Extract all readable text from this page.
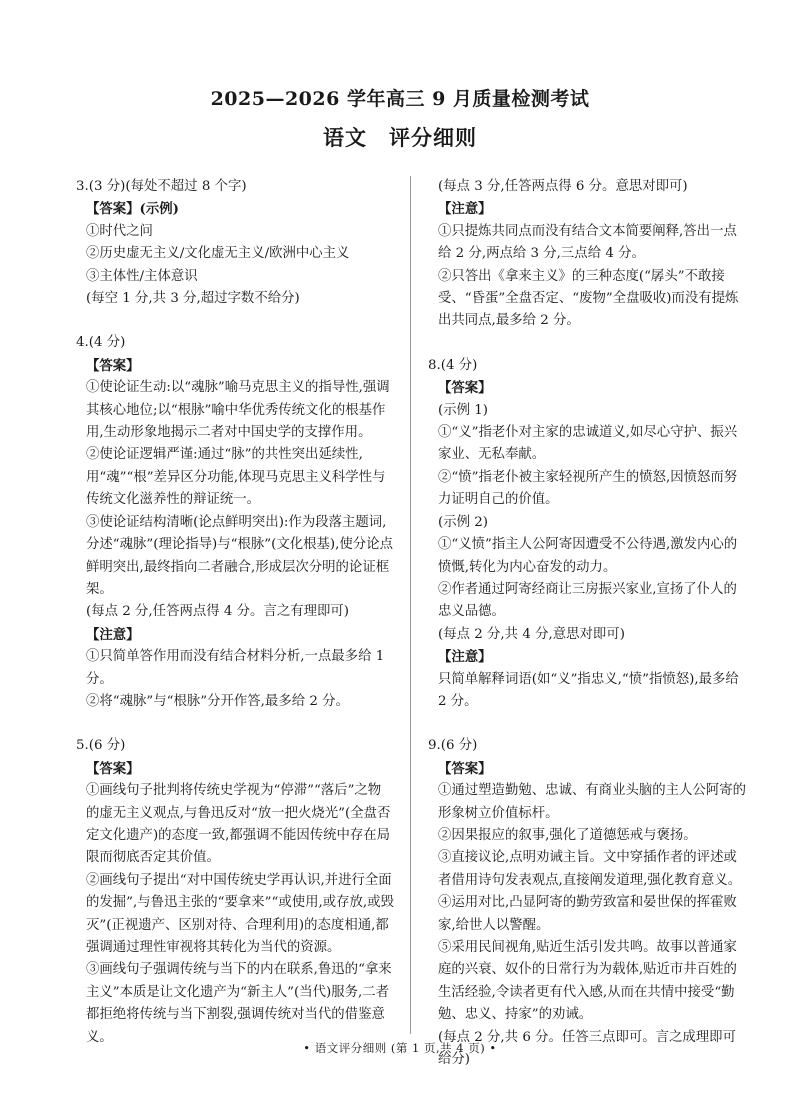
2025—2026 学年高三 9 月质量检测考试
语文 评分细则
3.(3 分)(每处不超过 8 个字)
【答案】(示例)
①时代之问
②历史虚无主义/文化虚无主义/欧洲中心主义
③主体性/主体意识
(每空 1 分,共 3 分,超过字数不给分)
4.(4 分)
【答案】
①使论证生动:以“魂脉”喻马克思主义的指导性,强调其核心地位;以“根脉”喻中华优秀传统文化的根基作用,生动形象地揭示二者对中国史学的支撑作用。
②使论证逻辑严谨:通过“脉”的共性突出延续性,用“魂”“根”差异区分功能,体现马克思主义科学性与传统文化滋养性的辩证统一。
③使论证结构清晰(论点鲜明突出):作为段落主题词,分述“魂脉”(理论指导)与“根脉”(文化根基),使分论点鲜明突出,最终指向二者融合,形成层次分明的论证框架。
(每点 2 分,任答两点得 4 分。言之有理即可)
【注意】
①只简单答作用而没有结合材料分析,一点最多给 1 分。
②将“魂脉”与“根脉”分开作答,最多给 2 分。
5.(6 分)
【答案】
①画线句子批判将传统史学视为“停滞”“落后”之物的虚无主义观点,与鲁迅反对“放一把火烧光”(全盘否定文化遗产)的态度一致,都强调不能因传统中存在局限而彻底否定其价值。
②画线句子提出“对中国传统史学再认识,并进行全面的发掘”,与鲁迅主张的“要拿来”“或使用,或存放,或毁灭”(正视遗产、区别对待、合理利用)的态度相通,都强调通过理性审视将其转化为当代的资源。
③画线句子强调传统与当下的内在联系,鲁迅的“拿来主义”本质是让文化遗产为“新主人”(当代)服务,二者都拒绝将传统与当下割裂,强调传统对当代的借鉴意义。
(每点 3 分,任答两点得 6 分。意思对即可)
【注意】
①只提炼共同点而没有结合文本简要阐释,答出一点给 2 分,两点给 3 分,三点给 4 分。
②只答出《拿来主义》的三种态度(“孱头”不敢接受、“昏蛋”全盘否定、“废物”全盘吸收)而没有提炼出共同点,最多给 2 分。
8.(4 分)
【答案】
(示例 1)
①“义”指老仆对主家的忠诚道义,如尽心守护、振兴家业、无私奉献。
②“愤”指老仆被主家轻视所产生的愤怒,因愤怒而努力证明自己的价值。
(示例 2)
①“义愤”指主人公阿寄因遭受不公待遇,激发内心的愤慨,转化为内心奋发的动力。
②作者通过阿寄经商让三房振兴家业,宣扬了仆人的忠义品德。
(每点 2 分,共 4 分,意思对即可)
【注意】
只简单解释词语(如“义”指忠义,“愤”指愤怒),最多给 2 分。
9.(6 分)
【答案】
①通过塑造勤勉、忠诚、有商业头脑的主人公阿寄的形象树立价值标杆。
②因果报应的叙事,强化了道德惩戒与褒扬。
③直接议论,点明劝诫主旨。文中穿插作者的评述或者借用诗句发表观点,直接阐发道理,强化教育意义。
④运用对比,凸显阿寄的勤劳致富和晏世保的挥霍败家,给世人以警醒。
⑤采用民间视角,贴近生活引发共鸣。故事以普通家庭的兴衰、奴仆的日常行为为载体,贴近市井百姓的生活经验,令读者更有代入感,从而在共情中接受“勤勉、忠义、持家”的劝诫。
(每点 2 分,共 6 分。任答三点即可。言之成理即可给分)
• 语文评分细则 (第 1 页,共 4 页) •
